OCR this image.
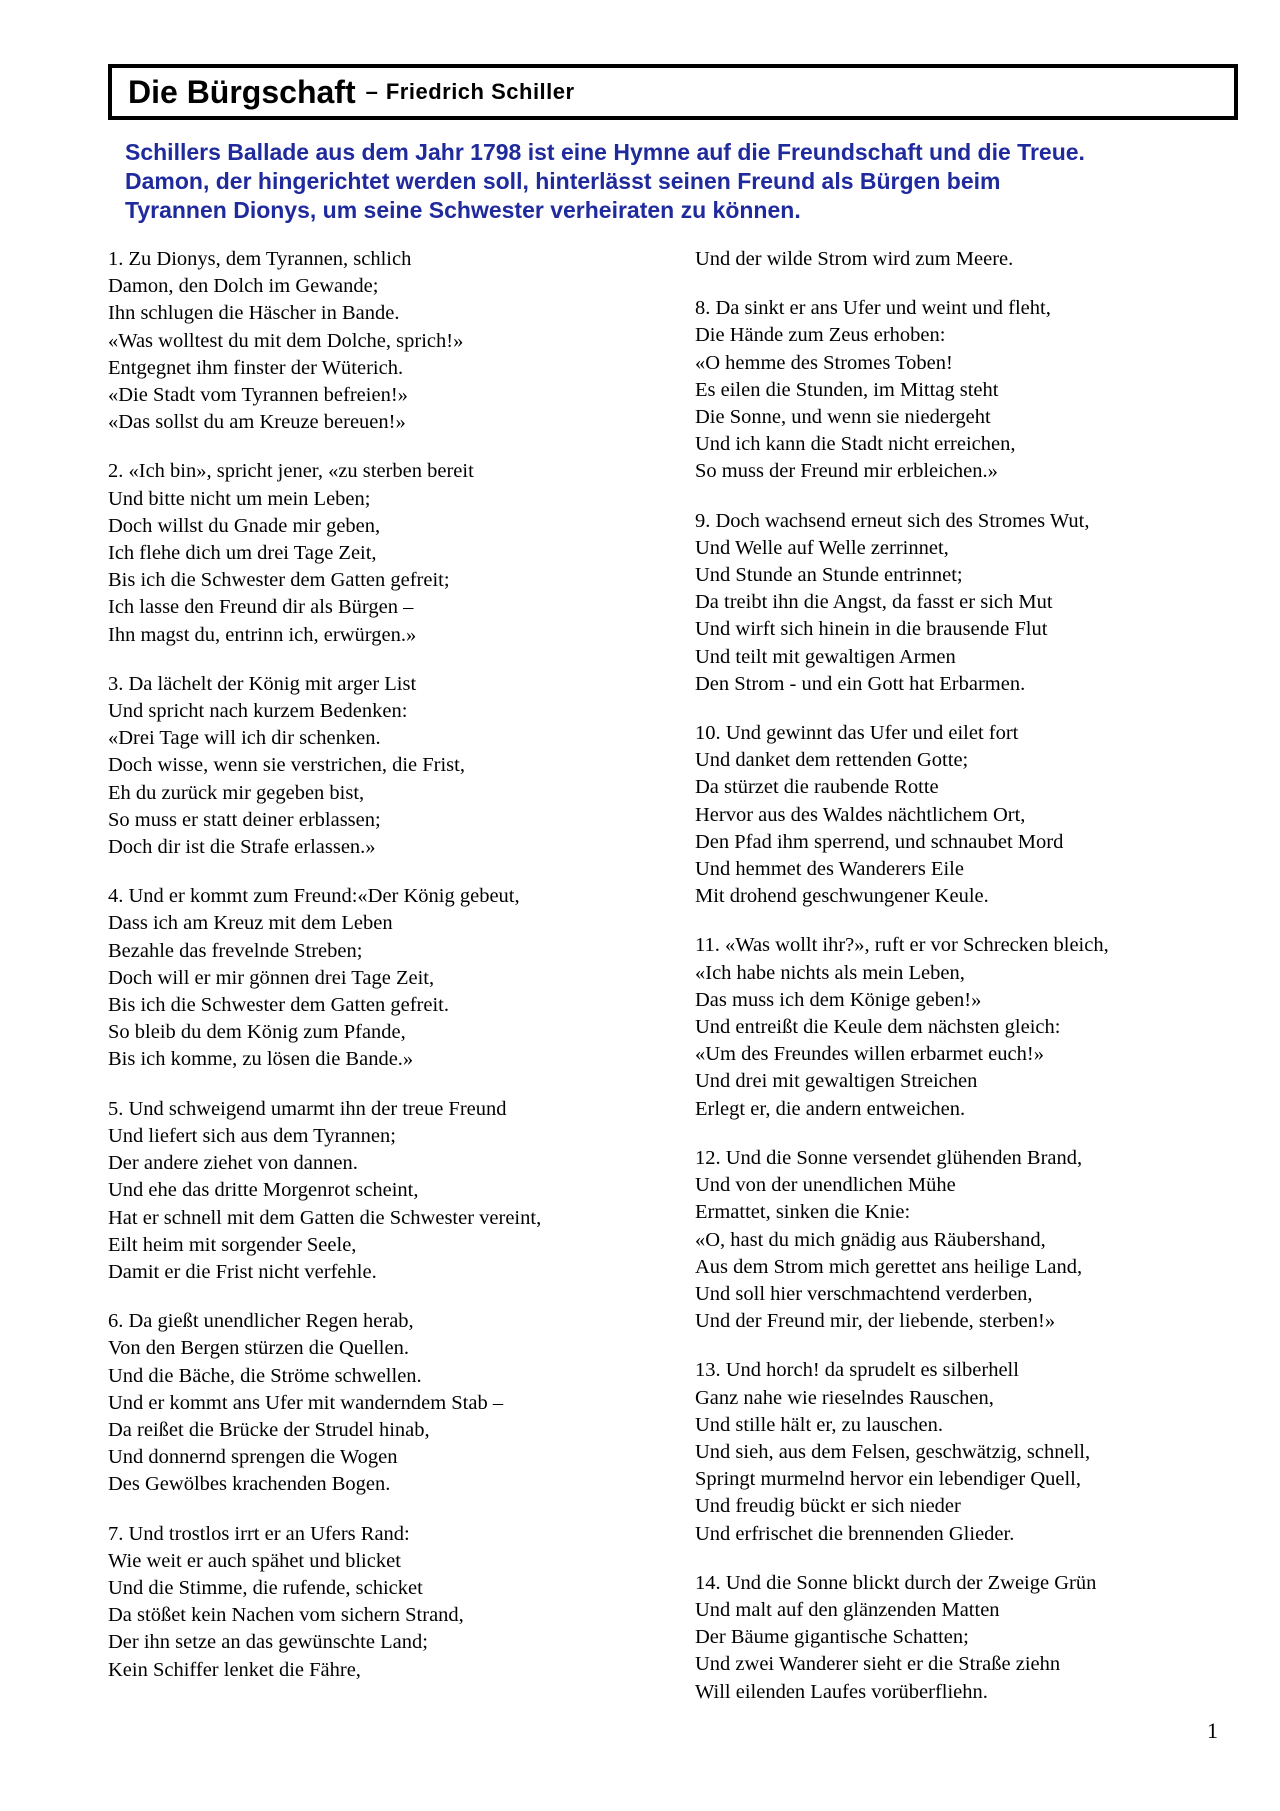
Die Bürgschaft – Friedrich Schiller
Schillers Ballade aus dem Jahr 1798 ist eine Hymne auf die Freundschaft und die Treue.
Damon, der hingerichtet werden soll, hinterlässt seinen Freund als Bürgen beim
Tyrannen Dionys, um seine Schwester verheiraten zu können.
1. Zu Dionys, dem Tyrannen, schlich
Damon, den Dolch im Gewande;
Ihn schlugen die Häscher in Bande.
«Was wolltest du mit dem Dolche, sprich!»
Entgegnet ihm finster der Wüterich.
«Die Stadt vom Tyrannen befreien!»
«Das sollst du am Kreuze bereuen!»
2. «Ich bin», spricht jener, «zu sterben bereit
Und bitte nicht um mein Leben;
Doch willst du Gnade mir geben,
Ich flehe dich um drei Tage Zeit,
Bis ich die Schwester dem Gatten gefreit;
Ich lasse den Freund dir als Bürgen –
Ihn magst du, entrinn ich, erwürgen.»
3. Da lächelt der König mit arger List
Und spricht nach kurzem Bedenken:
«Drei Tage will ich dir schenken.
Doch wisse, wenn sie verstrichen, die Frist,
Eh du zurück mir gegeben bist,
So muss er statt deiner erblassen;
Doch dir ist die Strafe erlassen.»
4. Und er kommt zum Freund:«Der König gebeut,
Dass ich am Kreuz mit dem Leben
Bezahle das frevelnde Streben;
Doch will er mir gönnen drei Tage Zeit,
Bis ich die Schwester dem Gatten gefreit.
So bleib du dem König zum Pfande,
Bis ich komme, zu lösen die Bande.»
5. Und schweigend umarmt ihn der treue Freund
Und liefert sich aus dem Tyrannen;
Der andere ziehet von dannen.
Und ehe das dritte Morgenrot scheint,
Hat er schnell mit dem Gatten die Schwester vereint,
Eilt heim mit sorgender Seele,
Damit er die Frist nicht verfehle.
6. Da gießt unendlicher Regen herab,
Von den Bergen stürzen die Quellen.
Und die Bäche, die Ströme schwellen.
Und er kommt ans Ufer mit wanderndem Stab –
Da reißet die Brücke der Strudel hinab,
Und donnernd sprengen die Wogen
Des Gewölbes krachenden Bogen.
7. Und trostlos irrt er an Ufers Rand:
Wie weit er auch spähet und blicket
Und die Stimme, die rufende, schicket
Da stößet kein Nachen vom sichern Strand,
Der ihn setze an das gewünschte Land;
Kein Schiffer lenket die Fähre,
Und der wilde Strom wird zum Meere.
8. Da sinkt er ans Ufer und weint und fleht,
Die Hände zum Zeus erhoben:
«O hemme des Stromes Toben!
Es eilen die Stunden, im Mittag steht
Die Sonne, und wenn sie niedergeht
Und ich kann die Stadt nicht erreichen,
So muss der Freund mir erbleichen.»
9. Doch wachsend erneut sich des Stromes Wut,
Und Welle auf Welle zerrinnet,
Und Stunde an Stunde entrinnet;
Da treibt ihn die Angst, da fasst er sich Mut
Und wirft sich hinein in die brausende Flut
Und teilt mit gewaltigen Armen
Den Strom - und ein Gott hat Erbarmen.
10. Und gewinnt das Ufer und eilet fort
Und danket dem rettenden Gotte;
Da stürzet die raubende Rotte
Hervor aus des Waldes nächtlichem Ort,
Den Pfad ihm sperrend, und schnaubet Mord
Und hemmet des Wanderers Eile
Mit drohend geschwungener Keule.
11. «Was wollt ihr?», ruft er vor Schrecken bleich,
«Ich habe nichts als mein Leben,
Das muss ich dem Könige geben!»
Und entreißt die Keule dem nächsten gleich:
«Um des Freundes willen erbarmet euch!»
Und drei mit gewaltigen Streichen
Erlegt er, die andern entweichen.
12. Und die Sonne versendet glühenden Brand,
Und von der unendlichen Mühe
Ermattet, sinken die Knie:
«O, hast du mich gnädig aus Räubershand,
Aus dem Strom mich gerettet ans heilige Land,
Und soll hier verschmachtend verderben,
Und der Freund mir, der liebende, sterben!»
13. Und horch! da sprudelt es silberhell
Ganz nahe wie rieselndes Rauschen,
Und stille hält er, zu lauschen.
Und sieh, aus dem Felsen, geschwätzig, schnell,
Springt murmelnd hervor ein lebendiger Quell,
Und freudig bückt er sich nieder
Und erfrischet die brennenden Glieder.
14. Und die Sonne blickt durch der Zweige Grün
Und malt auf den glänzenden Matten
Der Bäume gigantische Schatten;
Und zwei Wanderer sieht er die Straße ziehn
Will eilenden Laufes vorüberfliehn.
1
